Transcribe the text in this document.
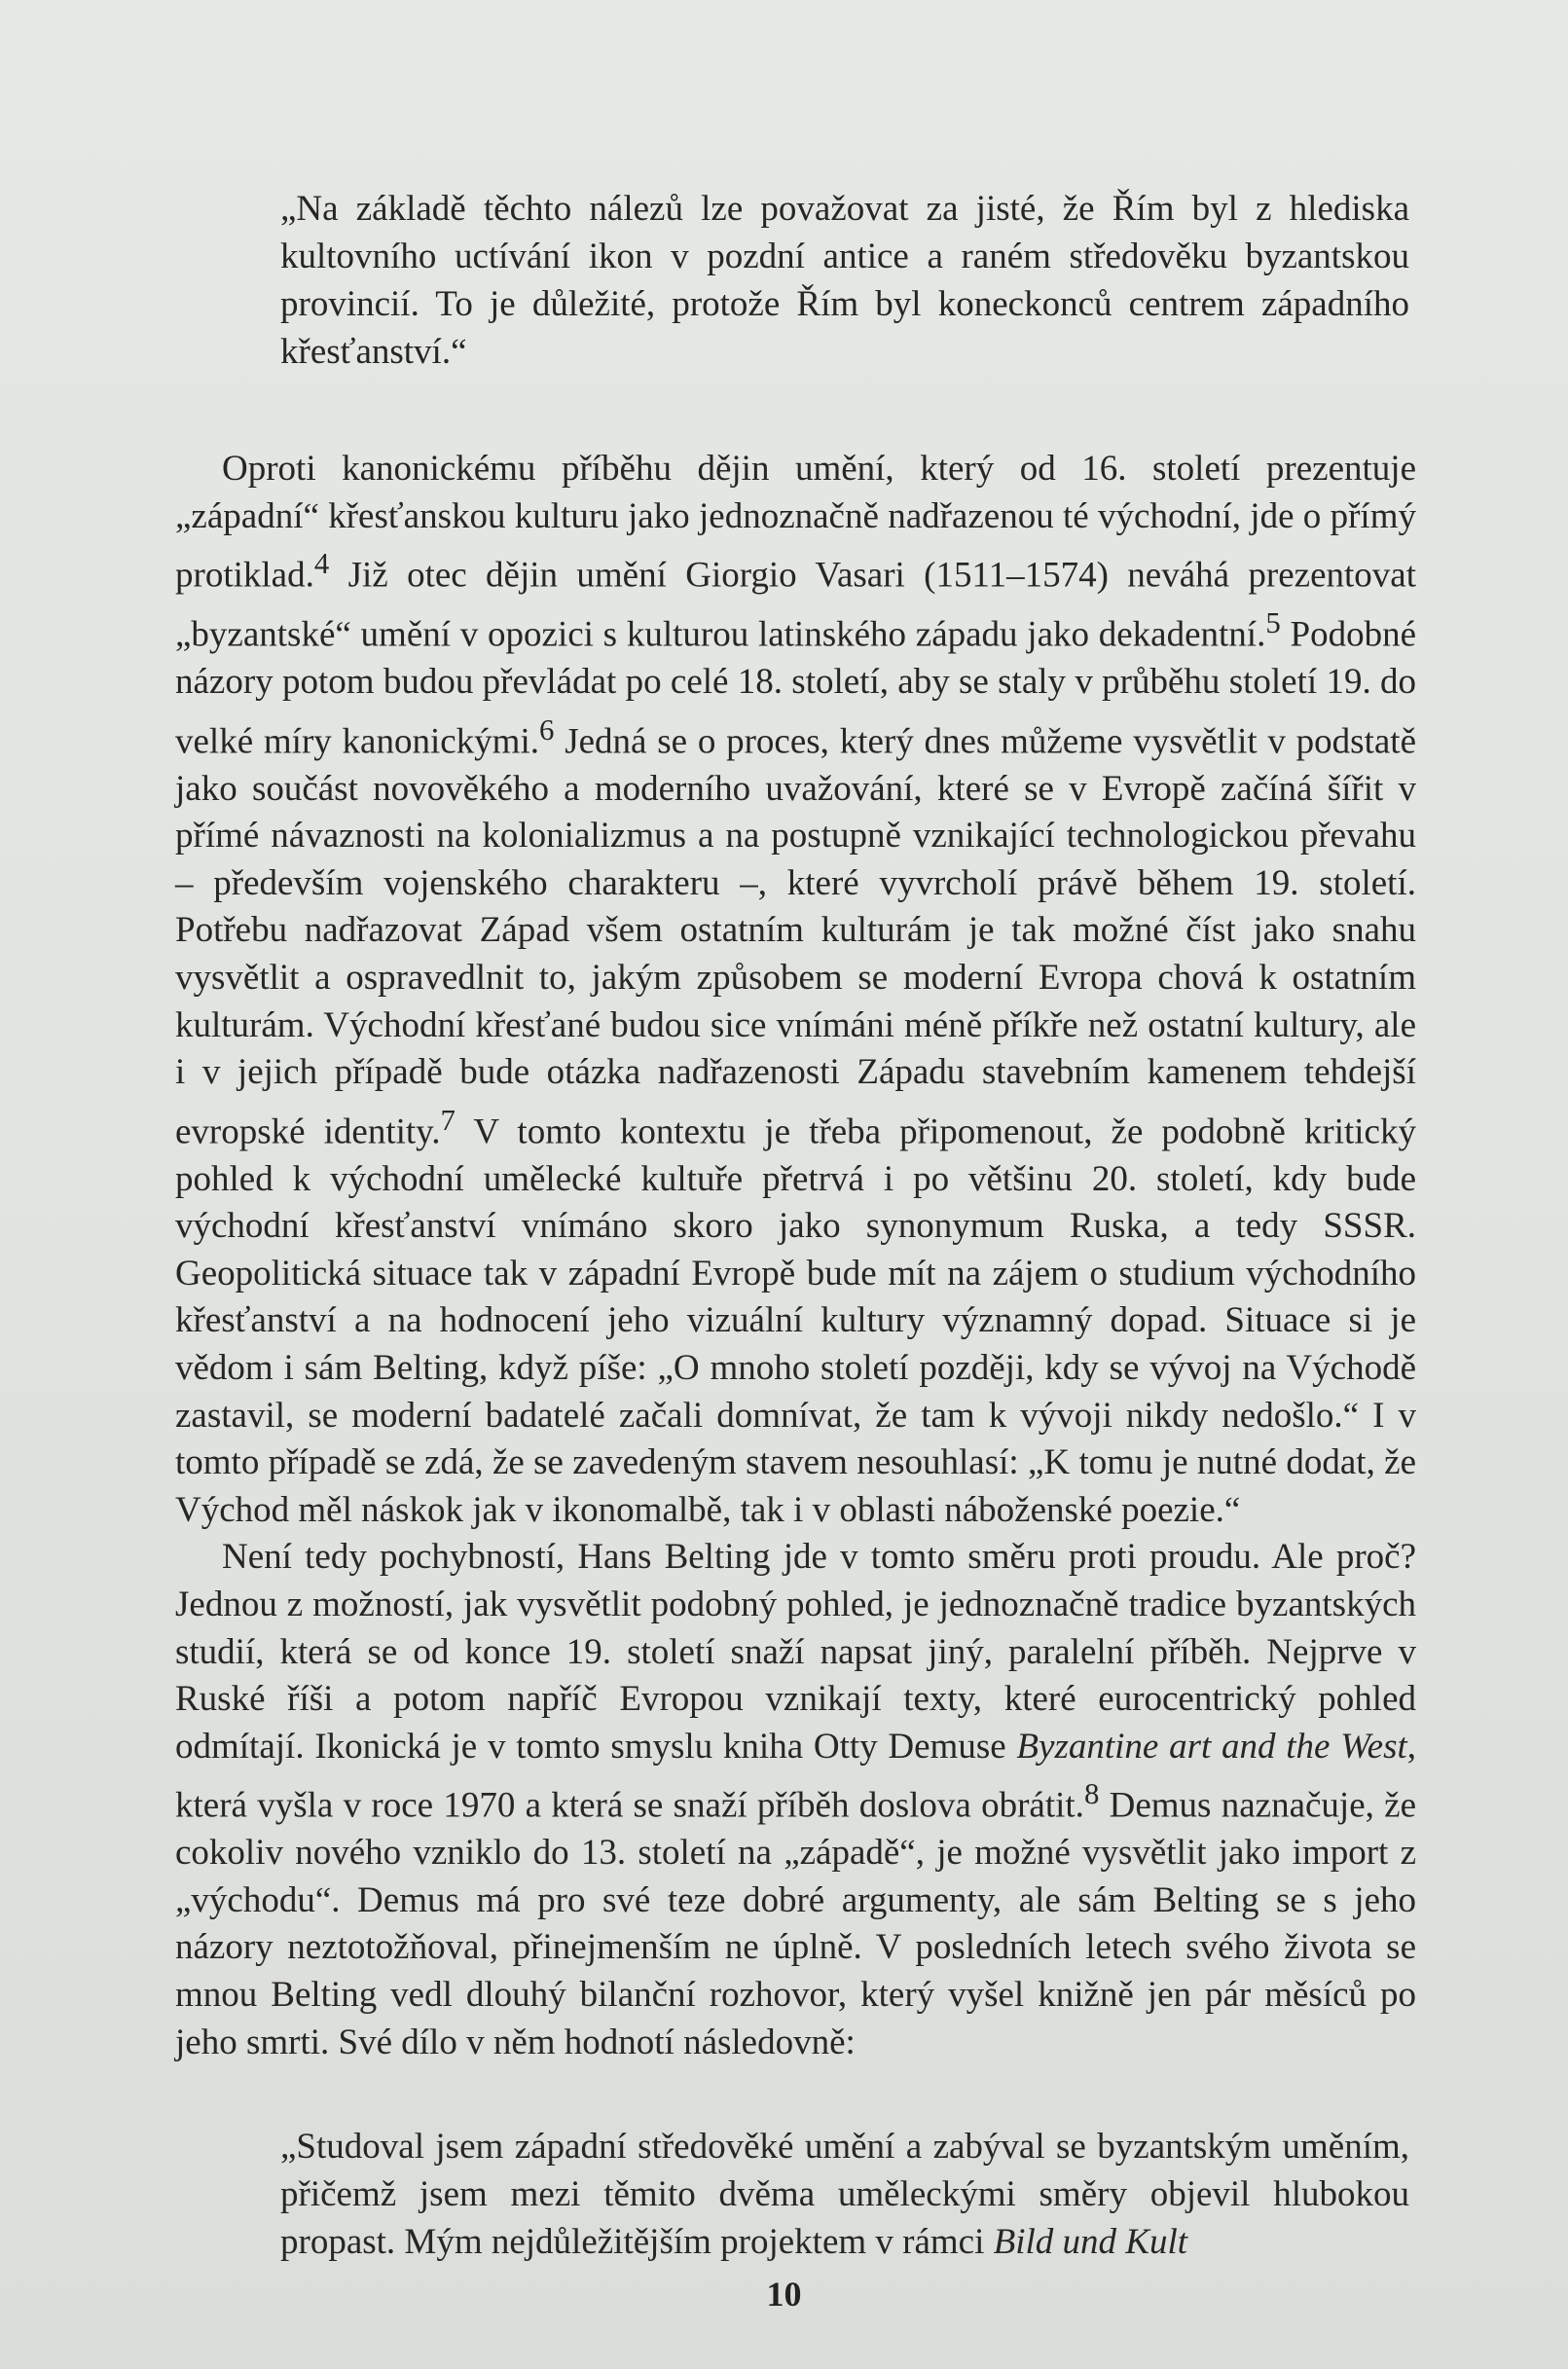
„Na základě těchto nálezů lze považovat za jisté, že Řím byl z hlediska kultovního uctívání ikon v pozdní antice a raném středověku byzantskou provincií. To je důležité, protože Řím byl koneckonců centrem západního křesťanství.“

Oproti kanonickému příběhu dějin umění, který od 16. století prezentuje „západní“ křesťanskou kulturu jako jednoznačně nadřazenou té východní, jde o přímý protiklad.$^4$ Již otec dějin umění Giorgio Vasari (1511–1574) neváhá prezentovat „byzantské“ umění v opozici s kulturou latinského západu jako dekadentní.$^5$ Podobné názory potom budou převládat po celé 18. století, aby se staly v průběhu století 19. do velké míry kanonickými.$^6$ Jedná se o proces, který dnes můžeme vysvětlit v podstatě jako součást novověkého a moderního uvažování, které se v Evropě začíná šířit v přímé návaznosti na kolonializmus a na postupně vznikající technologickou převahu – především vojenského charakteru –, které vyvrcholí právě během 19. století. Potřebu nadřazovat Západ všem ostatním kulturám je tak možné číst jako snahu vysvětlit a ospravedlnit to, jakým způsobem se moderní Evropa chová k ostatním kulturám. Východní křesťané budou sice vnímáni méně příkře než ostatní kultury, ale i v jejich případě bude otázka nadřazenosti Západu stavebním kamenem tehdejší evropské identity.$^7$ V tomto kontextu je třeba připomenout, že podobně kritický pohled k východní umělecké kultuře přetrvá i po většinu 20. století, kdy bude východní křesťanství vnímáno skoro jako synonymum Ruska, a tedy SSSR. Geopolitická situace tak v západní Evropě bude mít na zájem o studium východního křesťanství a na hodnocení jeho vizuální kultury významný dopad. Situace si je vědom i sám Belting, když píše: „O mnoho století později, kdy se vývoj na Východě zastavil, se moderní badatelé začali domnívat, že tam k vývoji nikdy nedošlo.“ I v tomto případě se zdá, že se zavedeným stavem nesouhlasí: „K tomu je nutné dodat, že Východ měl náskok jak v ikonomalbě, tak i v oblasti náboženské poezie.“

Není tedy pochybností, Hans Belting jde v tomto směru proti proudu. Ale proč? Jednou z možností, jak vysvětlit podobný pohled, je jednoznačně tradice byzantských studií, která se od konce 19. století snaží napsat jiný, paralelní příběh. Nejprve v Ruské říši a potom napříč Evropou vznikají texty, které eurocentrický pohled odmítají. Ikonická je v tomto smyslu kniha Otty Demuse Byzantine art and the West, která vyšla v roce 1970 a která se snaží příběh doslova obrátit.$^8$ Demus naznačuje, že cokoliv nového vzniklo do 13. století na „západě“, je možné vysvětlit jako import z „východu“. Demus má pro své teze dobré argumenty, ale sám Belting se s jeho názory neztotožňoval, přinejmenším ne úplně. V posledních letech svého života se mnou Belting vedl dlouhý bilanční rozhovor, který vyšel knižně jen pár měsíců po jeho smrti. Své dílo v něm hodnotí následovně:

„Studoval jsem západní středověké umění a zabýval se byzantským uměním, přičemž jsem mezi těmito dvěma uměleckými směry objevil hlubokou propast. Mým nejdůležitějším projektem v rámci Bild und Kult

10
